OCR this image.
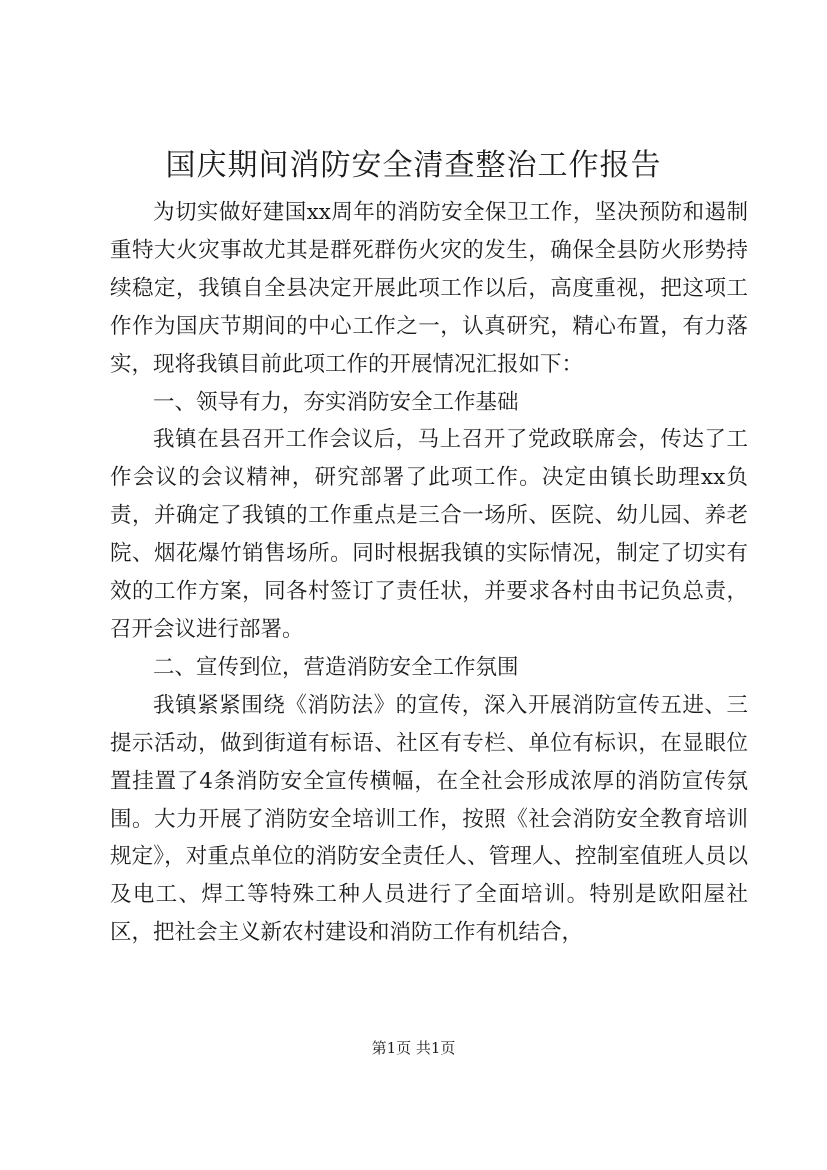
国庆期间消防安全清查整治工作报告

为切实做好建国xx周年的消防安全保卫工作，坚决预防和遏制重特大火灾事故尤其是群死群伤火灾的发生，确保全县防火形势持续稳定，我镇自全县决定开展此项工作以后，高度重视，把这项工作作为国庆节期间的中心工作之一，认真研究，精心布置，有力落实，现将我镇目前此项工作的开展情况汇报如下：

一、领导有力，夯实消防安全工作基础

我镇在县召开工作会议后，马上召开了党政联席会，传达了工作会议的会议精神，研究部署了此项工作。决定由镇长助理xx负责，并确定了我镇的工作重点是三合一场所、医院、幼儿园、养老院、烟花爆竹销售场所。同时根据我镇的实际情况，制定了切实有效的工作方案，同各村签订了责任状，并要求各村由书记负总责，召开会议进行部署。

二、宣传到位，营造消防安全工作氛围

我镇紧紧围绕《消防法》的宣传，深入开展消防宣传五进、三提示活动，做到街道有标语、社区有专栏、单位有标识，在显眼位置挂置了4条消防安全宣传横幅，在全社会形成浓厚的消防宣传氛围。大力开展了消防安全培训工作，按照《社会消防安全教育培训规定》，对重点单位的消防安全责任人、管理人、控制室值班人员以及电工、焊工等特殊工种人员进行了全面培训。特别是欧阳屋社区，把社会主义新农村建设和消防工作有机结合，

第1页 共1页
